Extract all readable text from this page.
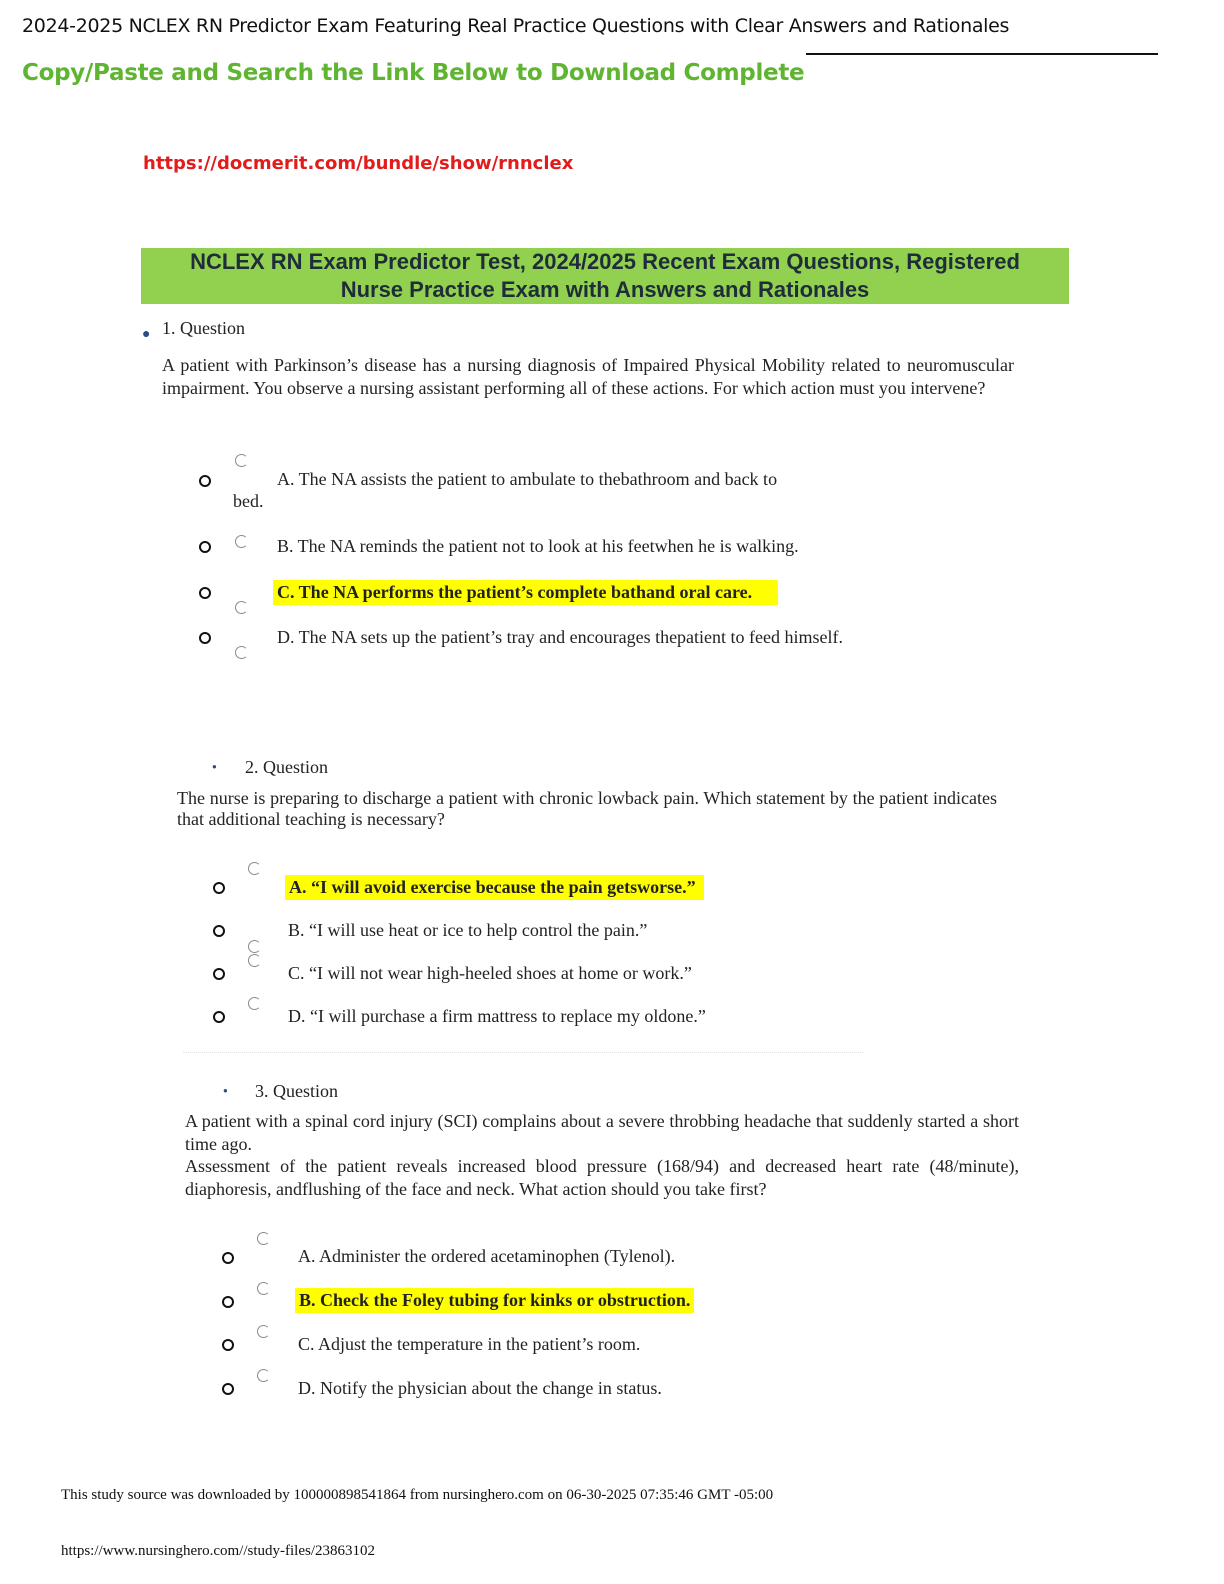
2024-2025 NCLEX RN Predictor Exam Featuring Real Practice Questions with Clear Answers and Rationales
Copy/Paste and Search the Link Below to Download Complete
https://docmerit.com/bundle/show/rnnclex
NCLEX RN Exam Predictor Test, 2024/2025 Recent Exam Questions, Registered
Nurse Practice Exam with Answers and Rationales
● 1. Question
A patient with Parkinson’s disease has a nursing diagnosis of Impaired Physical Mobility related to neuromuscular impairment. You observe a nursing assistant performing all of these actions. For which action must you intervene?
A. The NA assists the patient to ambulate to thebathroom and back to
bed.
B. The NA reminds the patient not to look at his feetwhen he is walking.
C. The NA performs the patient’s complete bathand oral care.
D. The NA sets up the patient’s tray and encourages thepatient to feed himself.
● 2. Question
The nurse is preparing to discharge a patient with chronic lowback pain. Which statement by the patient indicates that additional teaching is necessary?
A. “I will avoid exercise because the pain getsworse.”
B. “I will use heat or ice to help control the pain.”
C. “I will not wear high-heeled shoes at home or work.”
D. “I will purchase a firm mattress to replace my oldone.”
● 3. Question
A patient with a spinal cord injury (SCI) complains about a severe throbbing headache that suddenly started a short time ago.
Assessment of the patient reveals increased blood pressure (168/94) and decreased heart rate (48/minute), diaphoresis, andflushing of the face and neck. What action should you take first?
A. Administer the ordered acetaminophen (Tylenol).
B. Check the Foley tubing for kinks or obstruction.
C. Adjust the temperature in the patient’s room.
D. Notify the physician about the change in status.
This study source was downloaded by 100000898541864 from nursinghero.com on 06-30-2025 07:35:46 GMT -05:00
https://www.nursinghero.com//study-files/23863102
